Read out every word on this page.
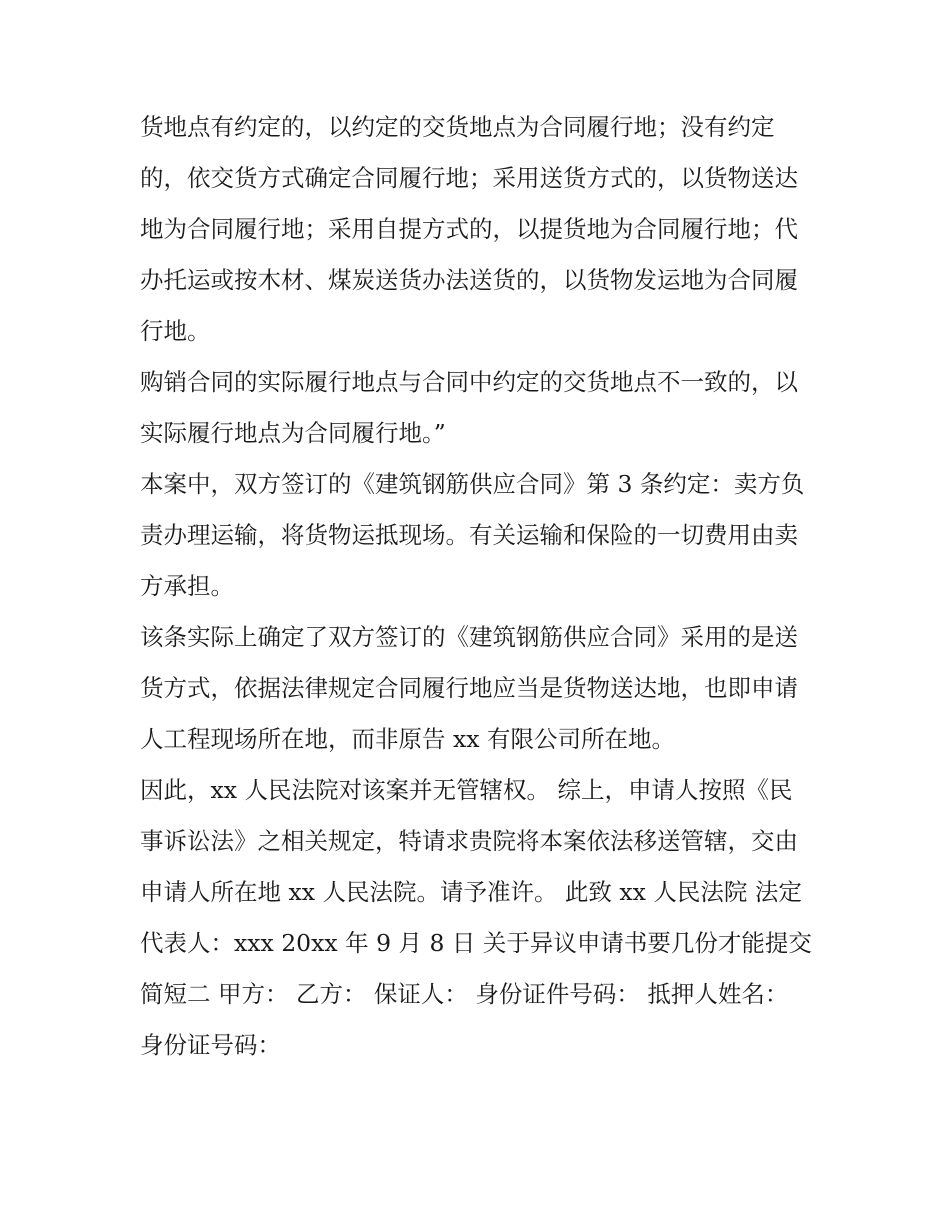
货地点有约定的，以约定的交货地点为合同履行地；没有约定的，依交货方式确定合同履行地；采用送货方式的，以货物送达地为合同履行地；采用自提方式的，以提货地为合同履行地；代办托运或按木材、煤炭送货办法送货的，以货物发运地为合同履行地。

购销合同的实际履行地点与合同中约定的交货地点不一致的，以实际履行地点为合同履行地。”

本案中，双方签订的《建筑钢筋供应合同》第 3 条约定：卖方负责办理运输，将货物运抵现场。有关运输和保险的一切费用由卖方承担。

该条实际上确定了双方签订的《建筑钢筋供应合同》采用的是送货方式，依据法律规定合同履行地应当是货物送达地，也即申请人工程现场所在地，而非原告 xx 有限公司所在地。

因此，xx 人民法院对该案并无管辖权。 综上，申请人按照《民事诉讼法》之相关规定，特请求贵院将本案依法移送管辖，交由申请人所在地 xx 人民法院。请予准许。 此致 xx 人民法院 法定代表人：xxx 20xx 年 9 月 8 日 关于异议申请书要几份才能提交简短二 甲方： 乙方： 保证人： 身份证件号码： 抵押人姓名：

身份证号码：
